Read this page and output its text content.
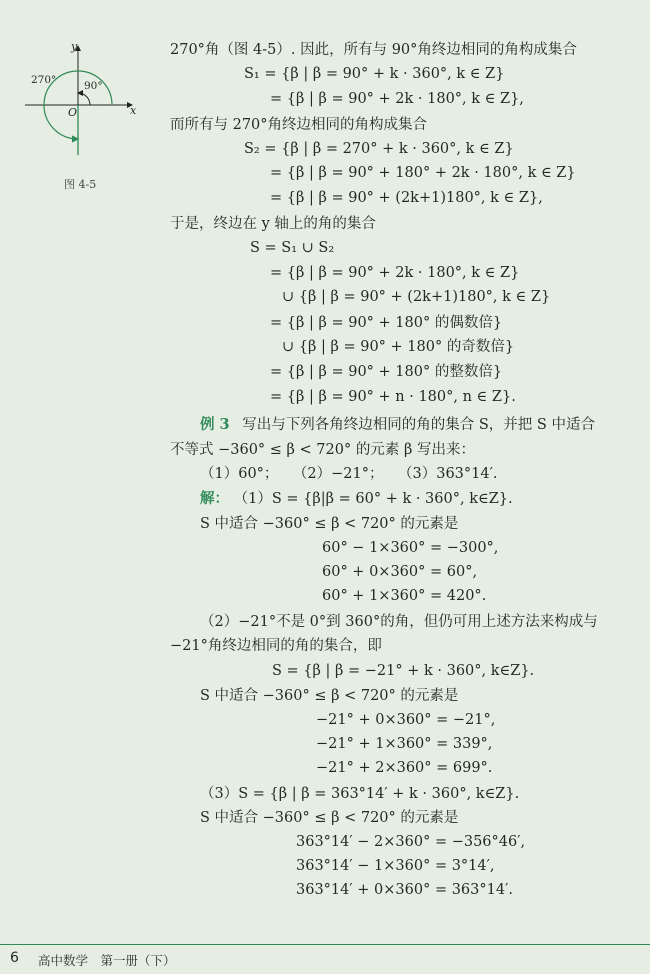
y
x
O
90°
270°
图 4-5
270°角（图 4-5）. 因此，所有与 90°角终边相同的角构成集合
S₁ = {β | β = 90° + k · 360°, k ∈ Z}
= {β | β = 90° + 2k · 180°, k ∈ Z},
而所有与 270°角终边相同的角构成集合
S₂ = {β | β = 270° + k · 360°, k ∈ Z}
= {β | β = 90° + 180° + 2k · 180°, k ∈ Z}
= {β | β = 90° + (2k+1)180°, k ∈ Z},
于是，终边在 y 轴上的角的集合
S = S₁ ∪ S₂
= {β | β = 90° + 2k · 180°, k ∈ Z}
∪ {β | β = 90° + (2k+1)180°, k ∈ Z}
= {β | β = 90° + 180° 的偶数倍}
∪ {β | β = 90° + 180° 的奇数倍}
= {β | β = 90° + 180° 的整数倍}
= {β | β = 90° + n · 180°, n ∈ Z}.
例 3 写出与下列各角终边相同的角的集合 S，并把 S 中适合
不等式 −360° ≤ β < 720° 的元素 β 写出来：
（1）60°；　　（2）−21°；　　（3）363°14′.
解： （1）S = {β|β = 60° + k · 360°, k∈Z}.
S 中适合 −360° ≤ β < 720° 的元素是
60° − 1×360° = −300°,
60° + 0×360° = 60°,
60° + 1×360° = 420°.
（2）−21°不是 0°到 360°的角，但仍可用上述方法来构成与
−21°角终边相同的角的集合，即
S = {β | β = −21° + k · 360°, k∈Z}.
S 中适合 −360° ≤ β < 720° 的元素是
−21° + 0×360° = −21°,
−21° + 1×360° = 339°,
−21° + 2×360° = 699°.
（3）S = {β | β = 363°14′ + k · 360°, k∈Z}.
S 中适合 −360° ≤ β < 720° 的元素是
363°14′ − 2×360° = −356°46′,
363°14′ − 1×360° = 3°14′,
363°14′ + 0×360° = 363°14′.
6 高中数学　第一册（下）
